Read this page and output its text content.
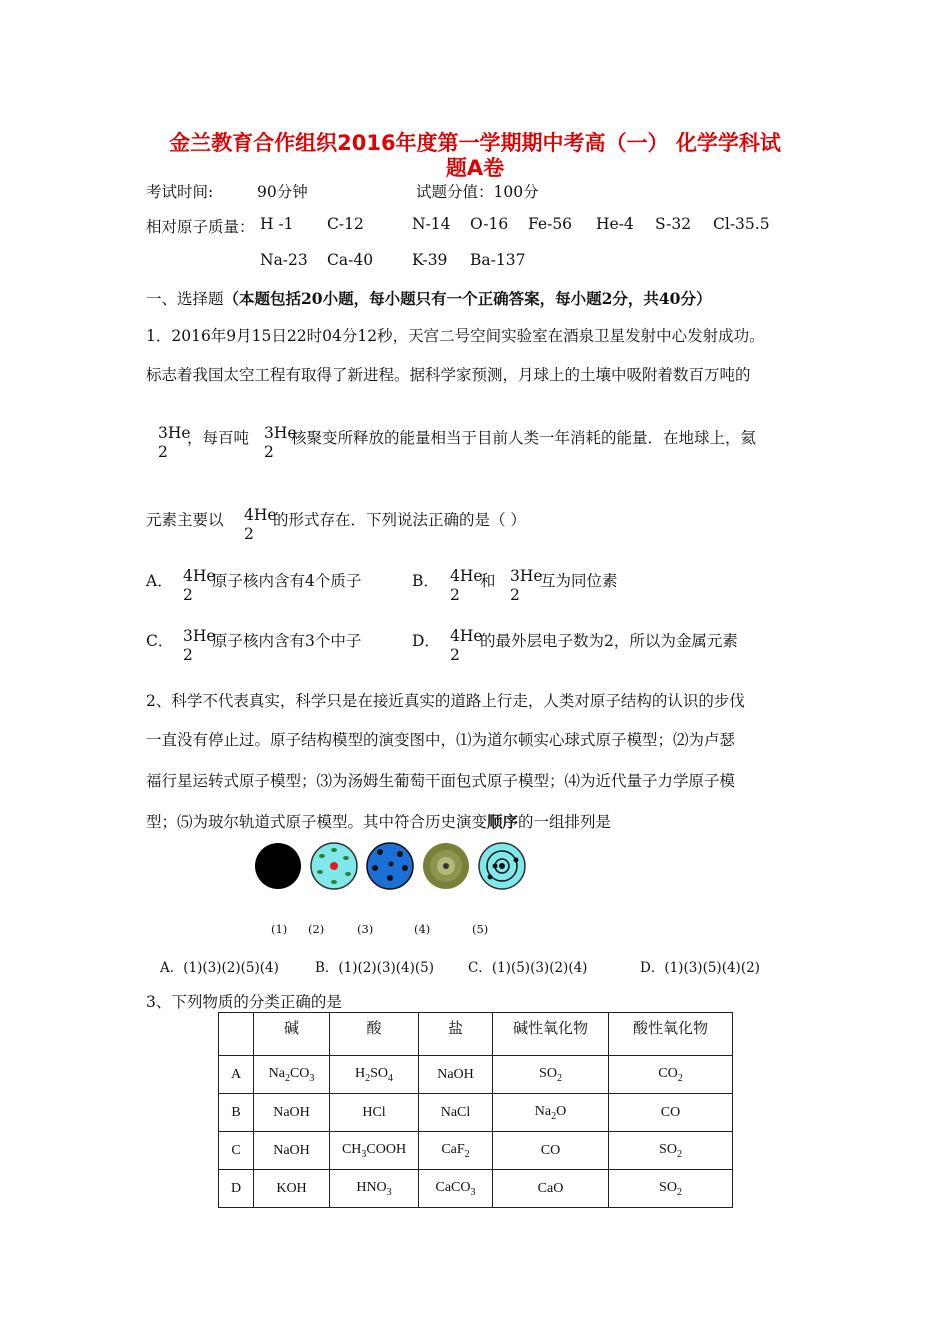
金兰教育合作组织2016年度第一学期期中考高（一） 化学学科试
题A卷
考试时间:	90分钟	试题分值：100分
相对原子质量： H -1 C-12	N-14 O-16 Fe-56 He-4 S-32 Cl-35.5
Na-23 Ca-40	K-39 Ba-137
一、选择题（本题包括20小题，每小题只有一个正确答案，每小题2分，共40分）
1．2016年9月15日22时04分12秒，天宫二号空间实验室在酒泉卫星发射中心发射成功。
标志着我国太空工程有取得了新进程。据科学家预测，月球上的土壤中吸附着数百万吨的
3He
2
，每百吨 3He
2
核聚变所释放的能量相当于目前人类一年消耗的能量．在地球上，氦
元素主要以 4He
2
的形式存在．下列说法正确的是（ ）
A． 4He
2
原子核内含有4个质子	B． 4He
2
和 3He
2
互为同位素
C． 3He
2
原子核内含有3个中子	D． 4He
2
的最外层电子数为2，所以为金属元素
2、科学不代表真实，科学只是在接近真实的道路上行走，人类对原子结构的认识的步伐
一直没有停止过。原子结构模型的演变图中，⑴为道尔顿实心球式原子模型；⑵为卢瑟
福行星运转式原子模型；⑶为汤姆生葡萄干面包式原子模型；⑷为近代量子力学原子模
型；⑸为玻尔轨道式原子模型。其中符合历史演变顺序的一组排列是
(1) (2)	(3)	(4)	(5)
A．(1)(3)(2)(5)(4)	B．(1)(2)(3)(4)(5)	C．(1)(5)(3)(2)(4)	D．(1)(3)(5)(4)(2)
3、下列物质的分类正确的是
	碱	酸	盐	碱性氧化物	酸性氧化物
A	$Na_2CO_3$	$H_2SO_4$	NaOH	$SO_2$	$CO_2$
B	NaOH	HCl	NaCl	$Na_2O$	CO
C	NaOH	$CH_3COOH$	CaF$_2$	CO	$SO_2$
D	KOH	$HNO_3$	CaCO$_3$	CaO	$SO_2$
